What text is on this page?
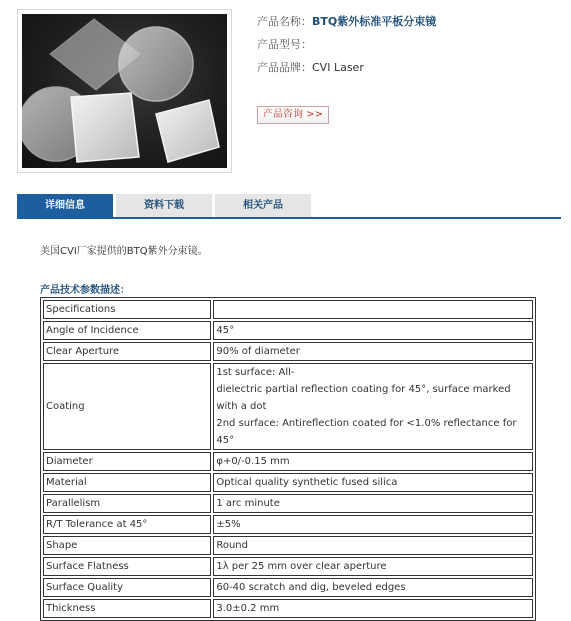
产品名称：BTQ紫外标准平板分束镜
产品型号：
产品品牌：CVI Laser
产品咨询 >>
详细信息	资料下载	相关产品
美国CVI厂家提供的BTQ紫外分束镜。
产品技术参数描述：
Specifications	
Angle of Incidence	45°
Clear Aperture	90% of diameter
Coating	1st surface: All-
dielectric partial reflection coating for 45°, surface marked with a dot
2nd surface: Antireflection coated for <1.0% reflectance for 45°

Diameter	φ+0/-0.15 mm
Material	Optical quality synthetic fused silica
Parallelism	1 arc minute
R/T Tolerance at 45°	±5%
Shape	Round
Surface Flatness	1λ per 25 mm over clear aperture
Surface Quality	60-40 scratch and dig, beveled edges
Thickness	3.0±0.2 mm
